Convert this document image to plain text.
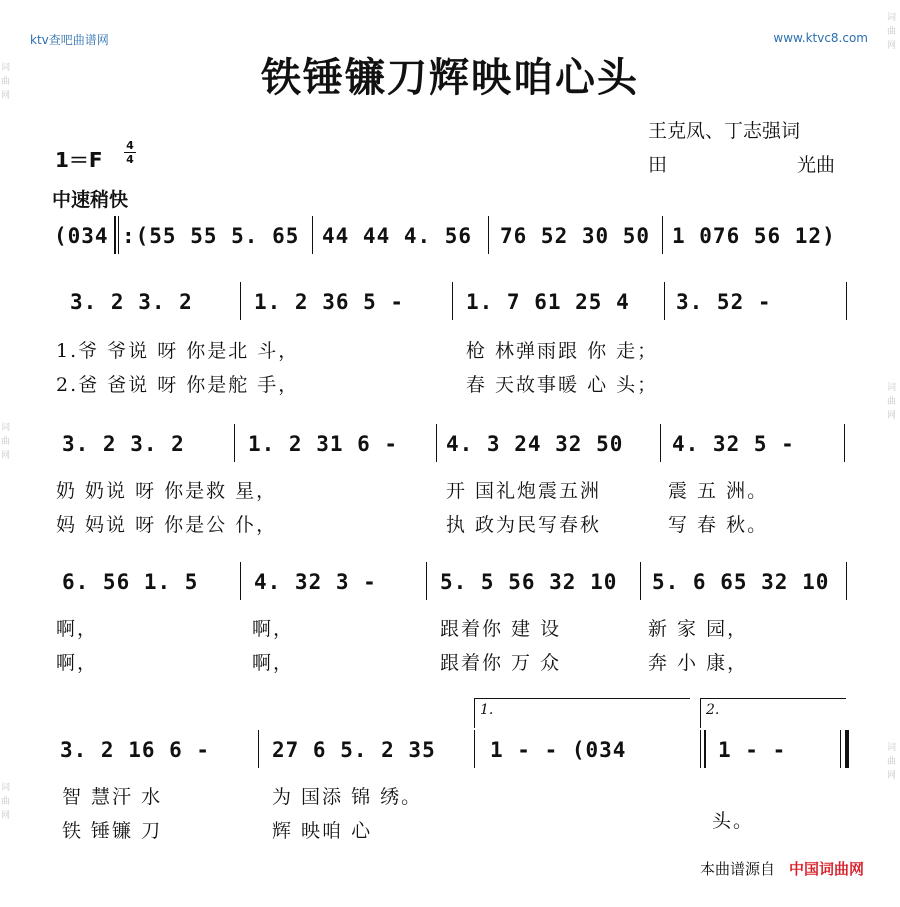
词
曲
网
词
曲
网
词
曲
网
词
曲
网
词
曲
网
词
曲
网
ktv查吧曲谱网	www.ktvc8.com
铁锤镰刀辉映咱心头
王克凤、丁志强词
田	光曲
1＝F
4
4
中速稍快
(034 :(55 55 5. 65 44 44 4. 56 76 52 30 50 1 076 56 12)
3. 2 3. 2	1. 2 36 5 -	1. 7 61 25 4 3. 52 -
1.爷 爷说 呀 你是北 斗，	枪 林弹雨跟 你 走；
2.爸 爸说 呀 你是舵 手，	春 天故事暖 心 头；
3. 2 3. 2	1. 2 31 6 - 4. 3 24 32 50 4. 32 5 -
奶 奶说 呀 你是救 星，	开 国礼炮震五洲	震 五 洲。
妈 妈说 呀 你是公 仆，	执 政为民写春秋	写 春 秋。
6. 56 1. 5	4. 32 3 -	5. 5 56 32 10 5. 6 65 32 10
啊，	啊，	跟着你 建 设	新 家 园，
啊，	啊，	跟着你 万 众	奔 小 康，
1.	2.
3. 2 16 6 -	27 6 5. 2 35	1 - - (034	1 - -
智 慧汗 水	为 国添 锦 绣。
铁 锤镰 刀	辉 映咱 心	头。
本曲谱源自 中国词曲网
